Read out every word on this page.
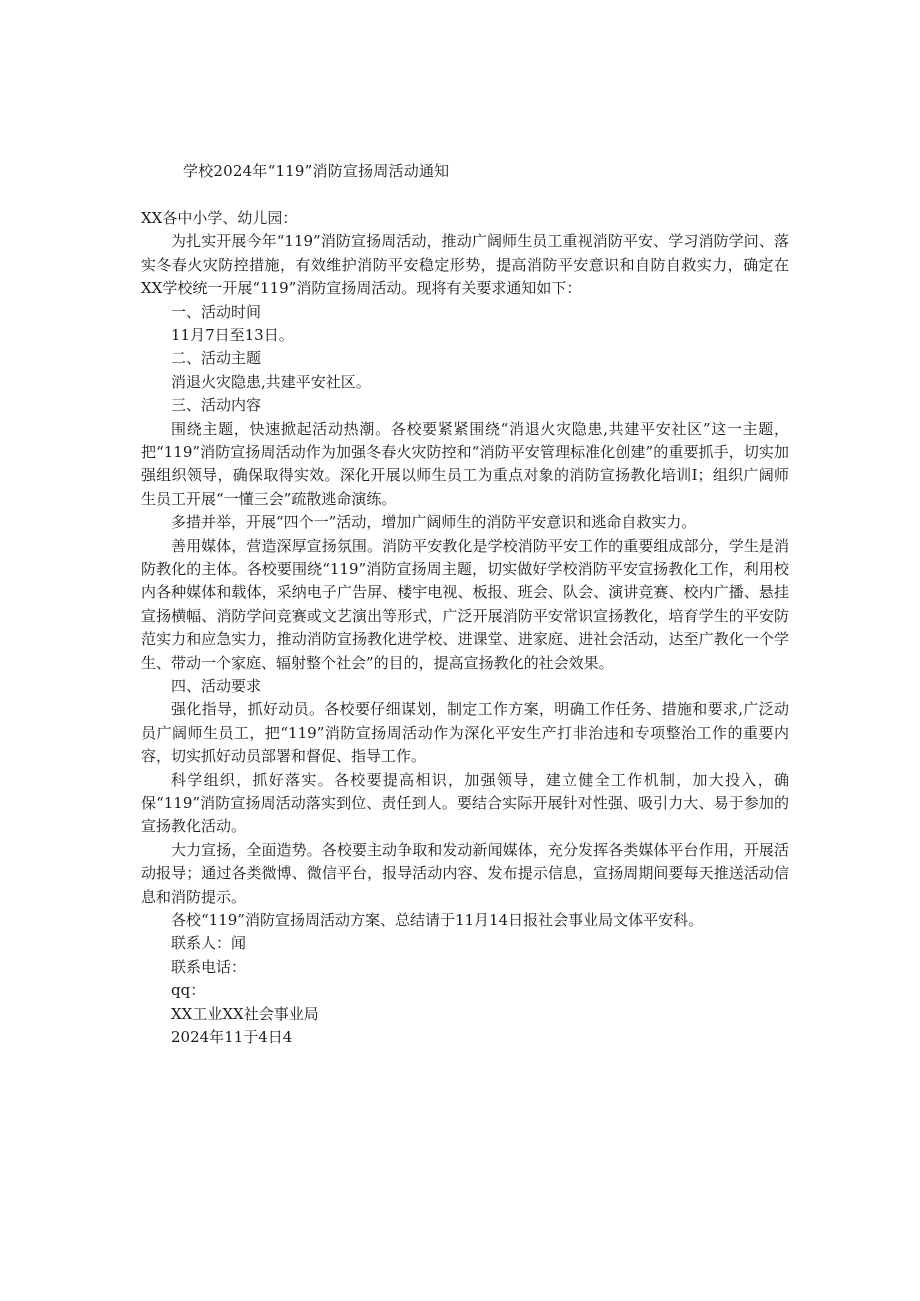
学校2024年“119”消防宣扬周活动通知
XX各中小学、幼儿园：

为扎实开展今年“119”消防宣扬周活动，推动广阔师生员工重视消防平安、学习消防学问、落实冬春火灾防控措施，有效维护消防平安稳定形势，提高消防平安意识和自防自救实力，确定在XX学校统一开展“119”消防宣扬周活动。现将有关要求通知如下：

一、活动时间
11月7日至13日。
二、活动主题
消退火灾隐患,共建平安社区。
三、活动内容

围绕主题，快速掀起活动热潮。各校要紧紧围绕“消退火灾隐患,共建平安社区”这一主题，把“119”消防宣扬周活动作为加强冬春火灾防控和“消防平安管理标准化创建”的重要抓手，切实加强组织领导，确保取得实效。深化开展以师生员工为重点对象的消防宣扬教化培训I；组织广阔师生员工开展“一懂三会”疏散逃命演练。

多措并举，开展“四个一”活动，增加广阔师生的消防平安意识和逃命自救实力。

善用媒体，营造深厚宣扬氛围。消防平安教化是学校消防平安工作的重要组成部分，学生是消防教化的主体。各校要围绕“119”消防宣扬周主题，切实做好学校消防平安宣扬教化工作，利用校内各种媒体和载体，采纳电子广告屏、楼宇电视、板报、班会、队会、演讲竞赛、校内广播、悬挂宣扬横幅、消防学问竞赛或文艺演出等形式，广泛开展消防平安常识宣扬教化，培育学生的平安防范实力和应急实力，推动消防宣扬教化进学校、进课堂、进家庭、进社会活动，达至广教化一个学生、带动一个家庭、辐射整个社会”的目的，提高宣扬教化的社会效果。

四、活动要求

强化指导，抓好动员。各校要仔细谋划，制定工作方案，明确工作任务、措施和要求,广泛动员广阔师生员工，把“119”消防宣扬周活动作为深化平安生产打非治违和专项整治工作的重要内容，切实抓好动员部署和督促、指导工作。

科学组织，抓好落实。各校要提高相识，加强领导，建立健全工作机制，加大投入，确保“119”消防宣扬周活动落实到位、责任到人。要结合实际开展针对性强、吸引力大、易于参加的宣扬教化活动。

大力宣扬，全面造势。各校要主动争取和发动新闻媒体，充分发挥各类媒体平台作用，开展活动报导；通过各类微博、微信平台，报导活动内容、发布提示信息，宣扬周期间要每天推送活动信息和消防提示。

各校“119”消防宣扬周活动方案、总结请于11月14日报社会事业局文体平安科。

联系人：闻
联系电话：
qq：
XX工业XX社会事业局
2024年11于4日4
